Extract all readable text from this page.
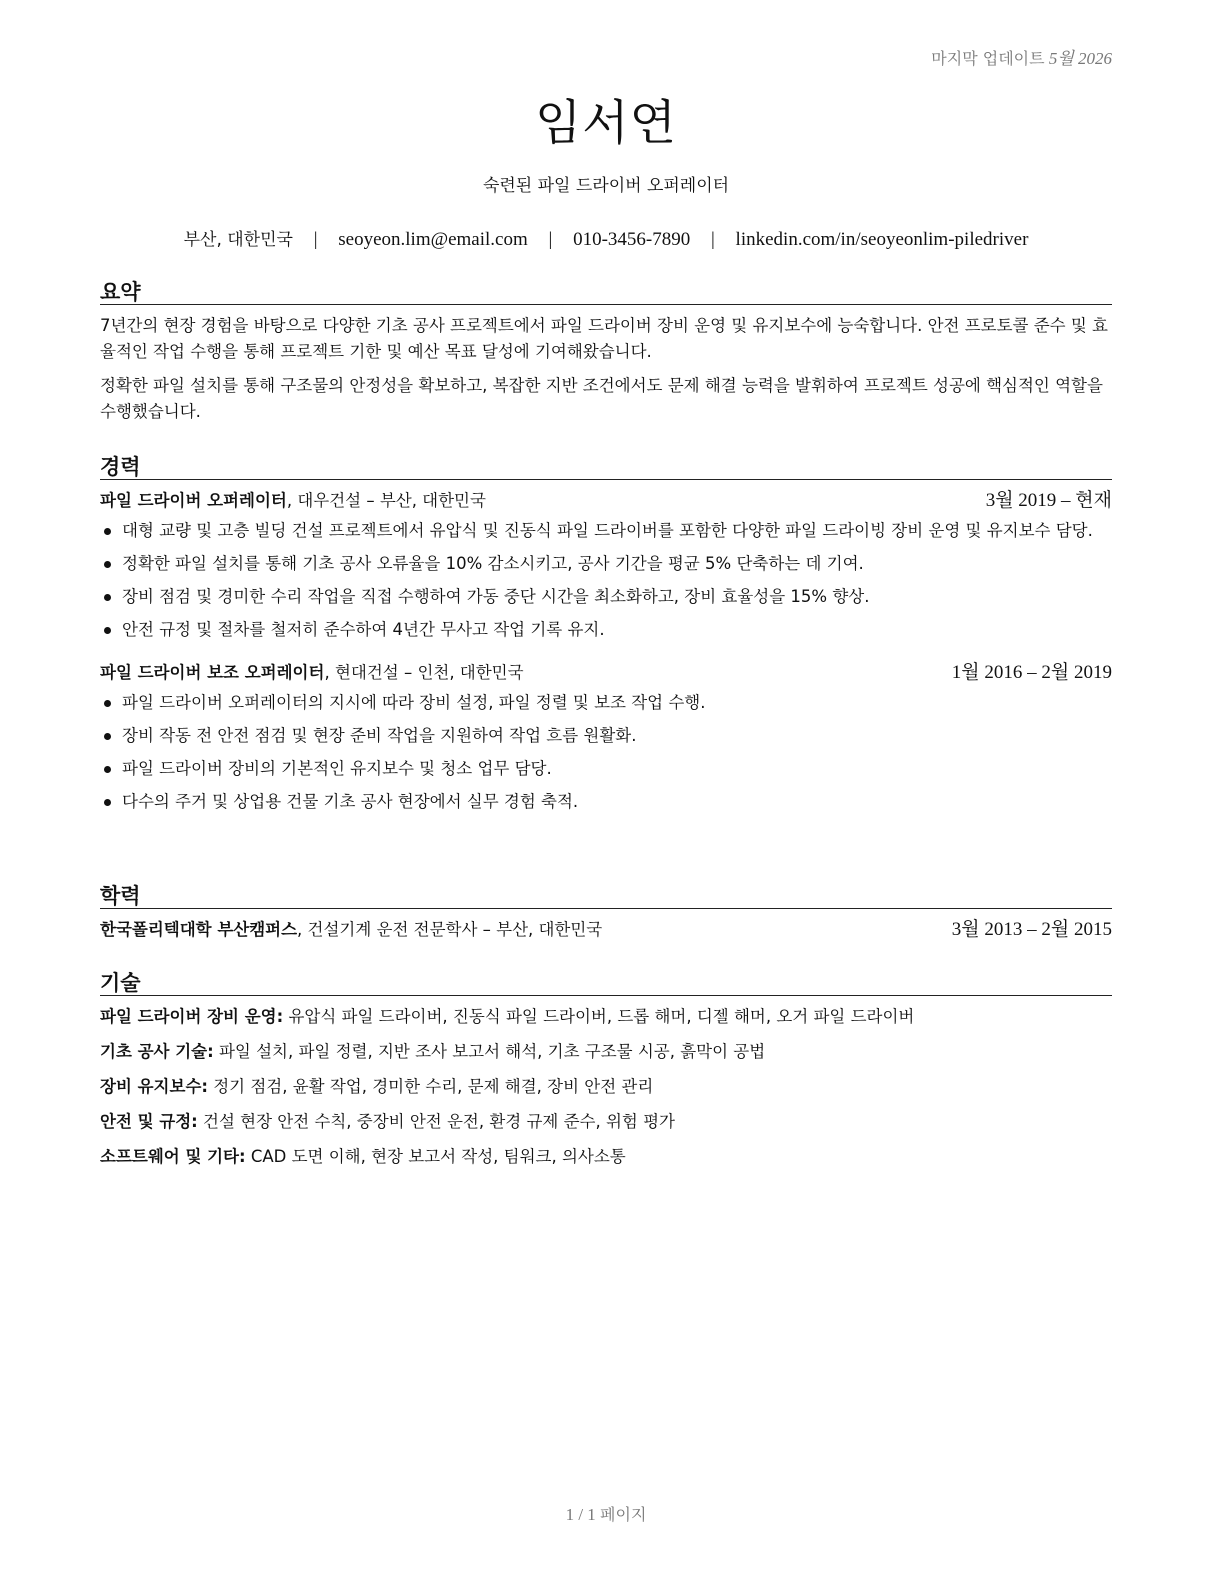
마지막 업데이트 5월 2026
임서연
숙련된 파일 드라이버 오퍼레이터
부산, 대한민국 | seoyeon.lim@email.com | 010-3456-7890 | linkedin.com/in/seoyeonlim-piledriver
요약

7년간의 현장 경험을 바탕으로 다양한 기초 공사 프로젝트에서 파일 드라이버 장비 운영 및 유지보수에 능숙합니다. 안전 프로토콜 준수 및 효율적인 작업 수행을 통해 프로젝트 기한 및 예산 목표 달성에 기여해왔습니다.

정확한 파일 설치를 통해 구조물의 안정성을 확보하고, 복잡한 지반 조건에서도 문제 해결 능력을 발휘하여 프로젝트 성공에 핵심적인 역할을 수행했습니다.

경력
파일 드라이버 오퍼레이터, 대우건설 – 부산, 대한민국	3월 2019 – 현재
대형 교량 및 고층 빌딩 건설 프로젝트에서 유압식 및 진동식 파일 드라이버를 포함한 다양한 파일 드라이빙 장비 운영 및 유지보수 담당.
정확한 파일 설치를 통해 기초 공사 오류율을 10% 감소시키고, 공사 기간을 평균 5% 단축하는 데 기여.
장비 점검 및 경미한 수리 작업을 직접 수행하여 가동 중단 시간을 최소화하고, 장비 효율성을 15% 향상.
안전 규정 및 절차를 철저히 준수하여 4년간 무사고 작업 기록 유지.
파일 드라이버 보조 오퍼레이터, 현대건설 – 인천, 대한민국	1월 2016 – 2월 2019
파일 드라이버 오퍼레이터의 지시에 따라 장비 설정, 파일 정렬 및 보조 작업 수행.
장비 작동 전 안전 점검 및 현장 준비 작업을 지원하여 작업 흐름 원활화.
파일 드라이버 장비의 기본적인 유지보수 및 청소 업무 담당.
다수의 주거 및 상업용 건물 기초 공사 현장에서 실무 경험 축적.
학력
한국폴리텍대학 부산캠퍼스, 건설기계 운전 전문학사 – 부산, 대한민국	3월 2013 – 2월 2015
기술
파일 드라이버 장비 운영: 유압식 파일 드라이버, 진동식 파일 드라이버, 드롭 해머, 디젤 해머, 오거 파일 드라이버
기초 공사 기술: 파일 설치, 파일 정렬, 지반 조사 보고서 해석, 기초 구조물 시공, 흙막이 공법
장비 유지보수: 정기 점검, 윤활 작업, 경미한 수리, 문제 해결, 장비 안전 관리
안전 및 규정: 건설 현장 안전 수칙, 중장비 안전 운전, 환경 규제 준수, 위험 평가
소프트웨어 및 기타: CAD 도면 이해, 현장 보고서 작성, 팀워크, 의사소통
1 / 1 페이지
